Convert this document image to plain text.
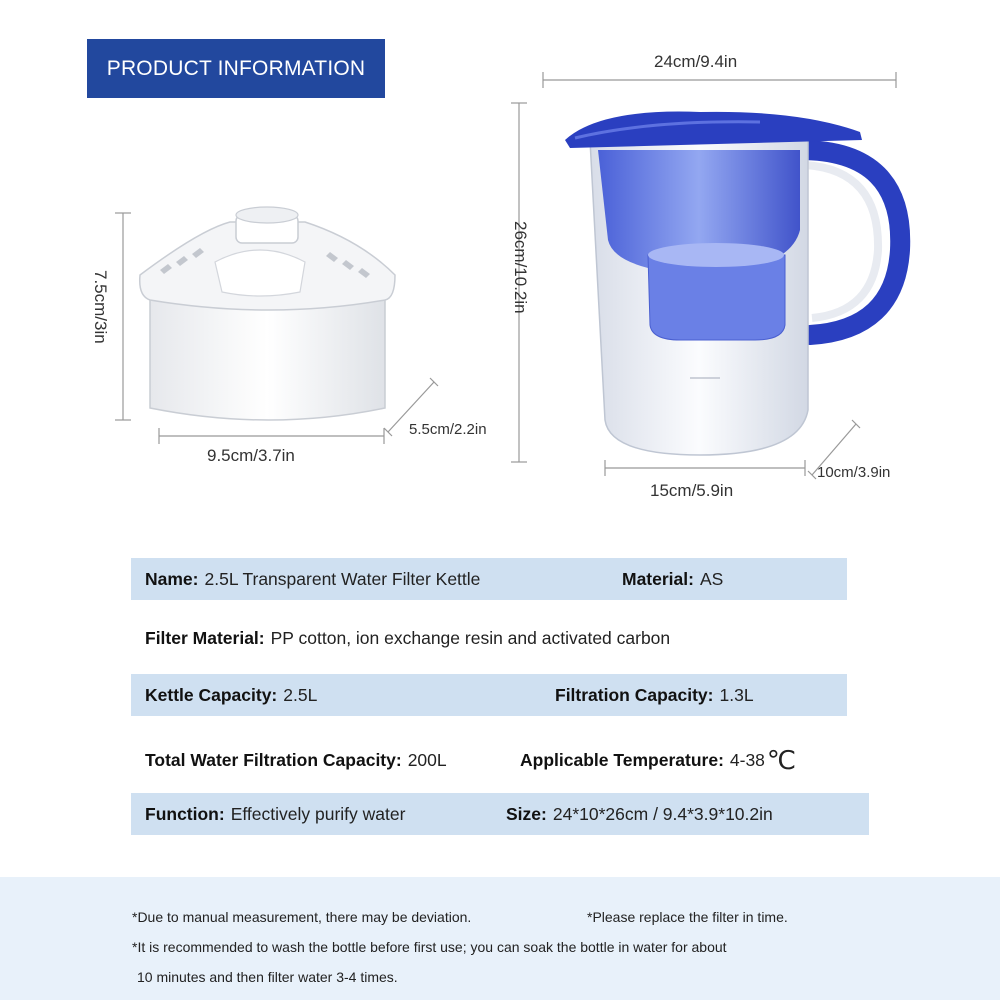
PRODUCT INFORMATION
7.5cm/3in
9.5cm/3.7in
5.5cm/2.2in
24cm/9.4in
26cm/10.2in
15cm/5.9in
10cm/3.9in
Name: 2.5L Transparent Water Filter Kettle	Material: AS
Filter Material: PP cotton, ion exchange resin and activated carbon
Kettle Capacity: 2.5L	Filtration Capacity: 1.3L
Total Water Filtration Capacity: 200L	Applicable Temperature: 4-38 ℃
Function: Effectively purify water	Size: 24*10*26cm / 9.4*3.9*10.2in
*Due to manual measurement, there may be deviation.	*Please replace the filter in time.
*It is recommended to wash the bottle before first use; you can soak the bottle in water for about
10 minutes and then filter water 3-4 times.
